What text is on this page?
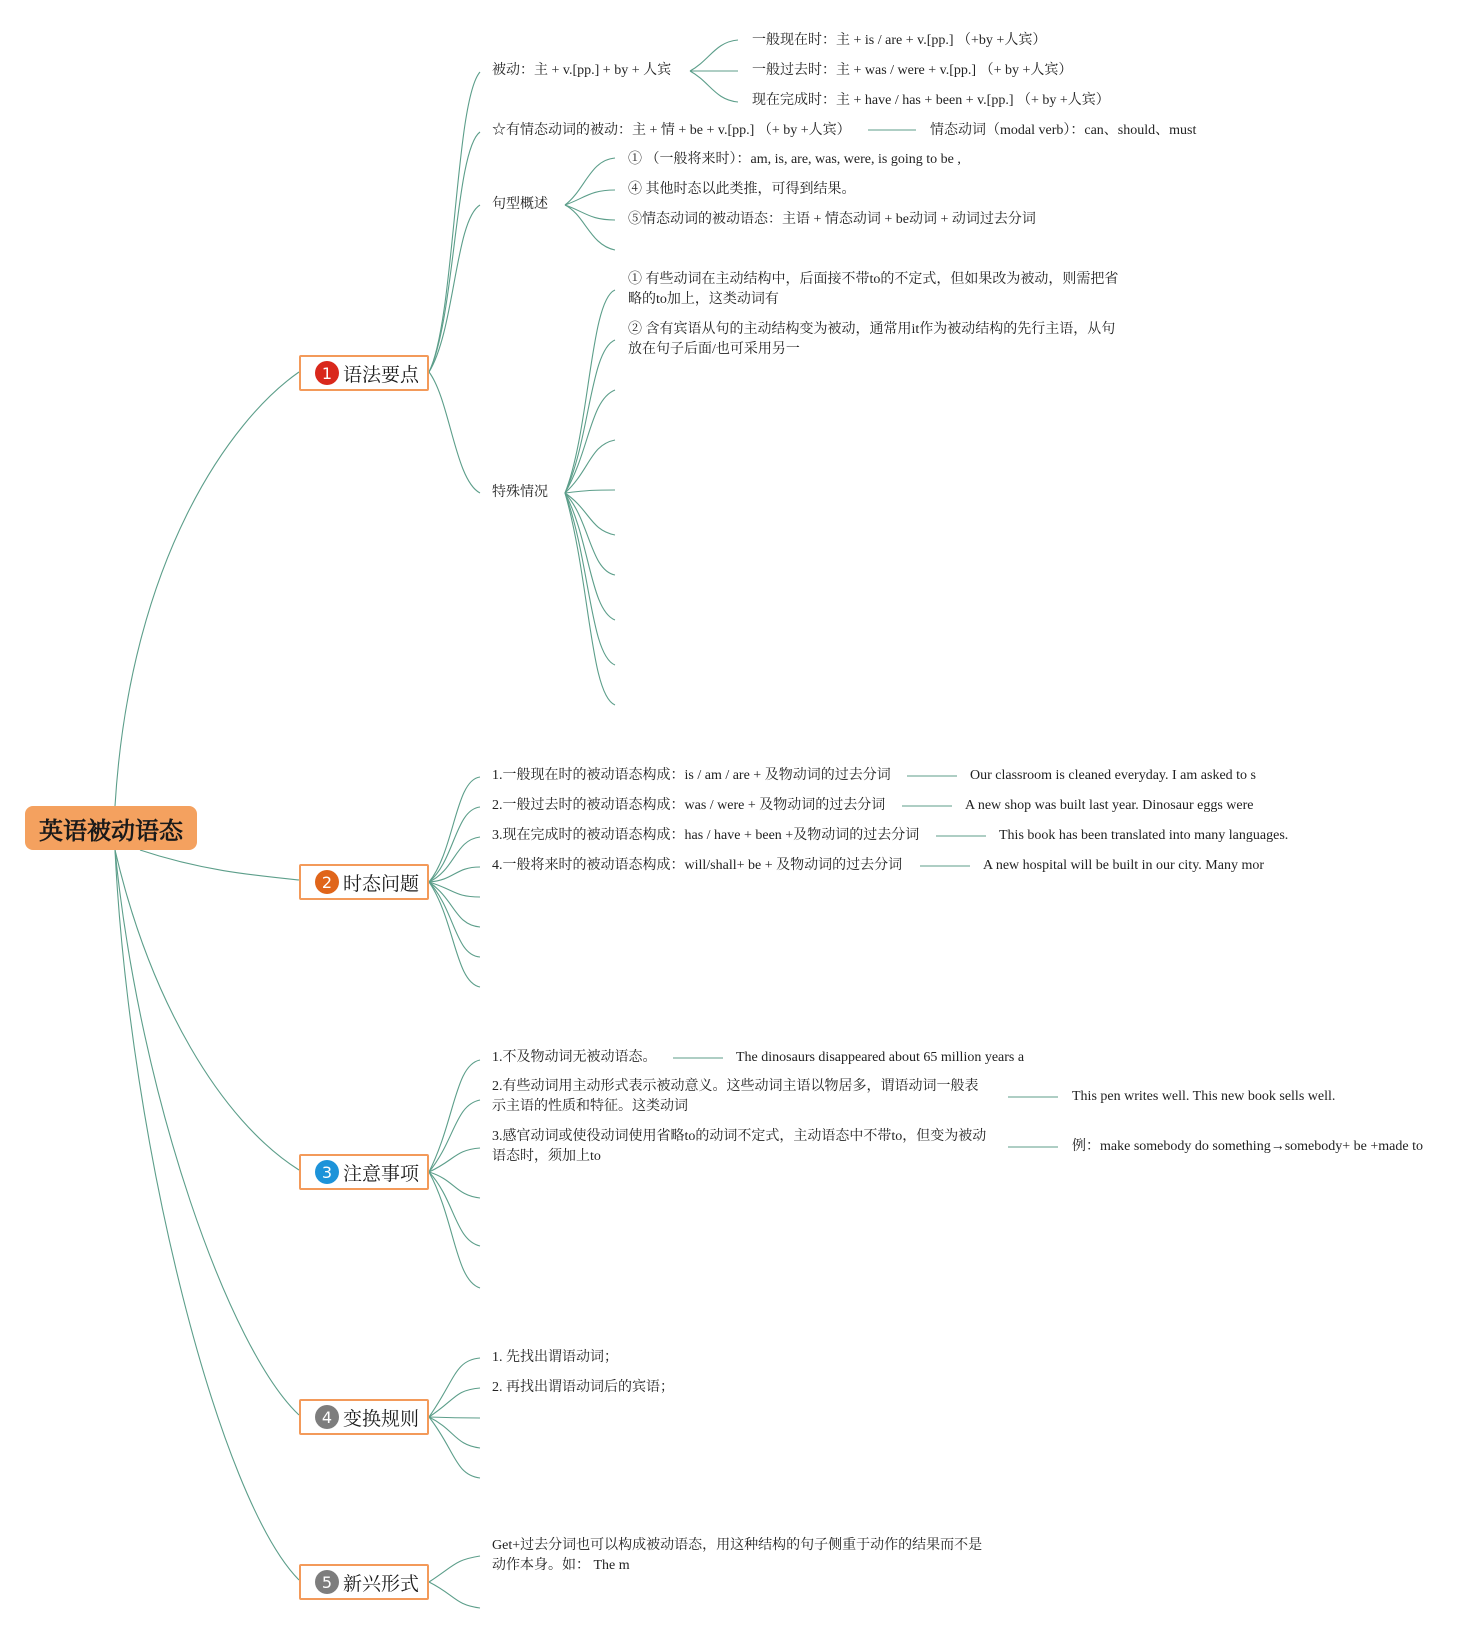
英语被动语态
1 语法要点
2 时态问题
3 注意事项
4 变换规则
5 新兴形式
被动：主 + v.[pp.] + by + 人宾
一般现在时：主 + is / are + v.[pp.] （+by +人宾）
一般过去时：主 + was / were + v.[pp.] （+ by +人宾）
现在完成时：主 + have / has + been + v.[pp.] （+ by +人宾）
☆有情态动词的被动：主 + 情 + be + v.[pp.] （+ by +人宾）	情态动词（modal verb）：can、should、must
句型概述
① （一般将来时）：am, is, are, was, were, is going to be ,
④ 其他时态以此类推，可得到结果。
⑤情态动词的被动语态：主语 + 情态动词 + be动词 + 动词过去分词
特殊情况
① 有些动词在主动结构中，后面接不带to的不定式，但如果改为被动，则需把省略的to加上，这类动词有
② 含有宾语从句的主动结构变为被动，通常用it作为被动结构的先行主语，从句放在句子后面/也可采用另一
1.一般现在时的被动语态构成：is / am / are + 及物动词的过去分词	Our classroom is cleaned everyday. I am asked to s
2.一般过去时的被动语态构成：was / were + 及物动词的过去分词	A new shop was built last year. Dinosaur eggs were
3.现在完成时的被动语态构成：has / have + been +及物动词的过去分词	This book has been translated into many languages.
4.一般将来时的被动语态构成：will/shall+ be + 及物动词的过去分词	A new hospital will be built in our city. Many mor
1.不及物动词无被动语态。	The dinosaurs disappeared about 65 million years a
2.有些动词用主动形式表示被动意义。这些动词主语以物居多，谓语动词一般表示主语的性质和特征。这类动词
This pen writes well. This new book sells well.
3.感官动词或使役动词使用省略to的动词不定式，主动语态中不带to，但变为被动语态时，须加上to
例：make somebody do something→somebody+ be +made to
1. 先找出谓语动词；
2. 再找出谓语动词后的宾语；
Get+过去分词也可以构成被动语态，用这种结构的句子侧重于动作的结果而不是动作本身。如： The m
